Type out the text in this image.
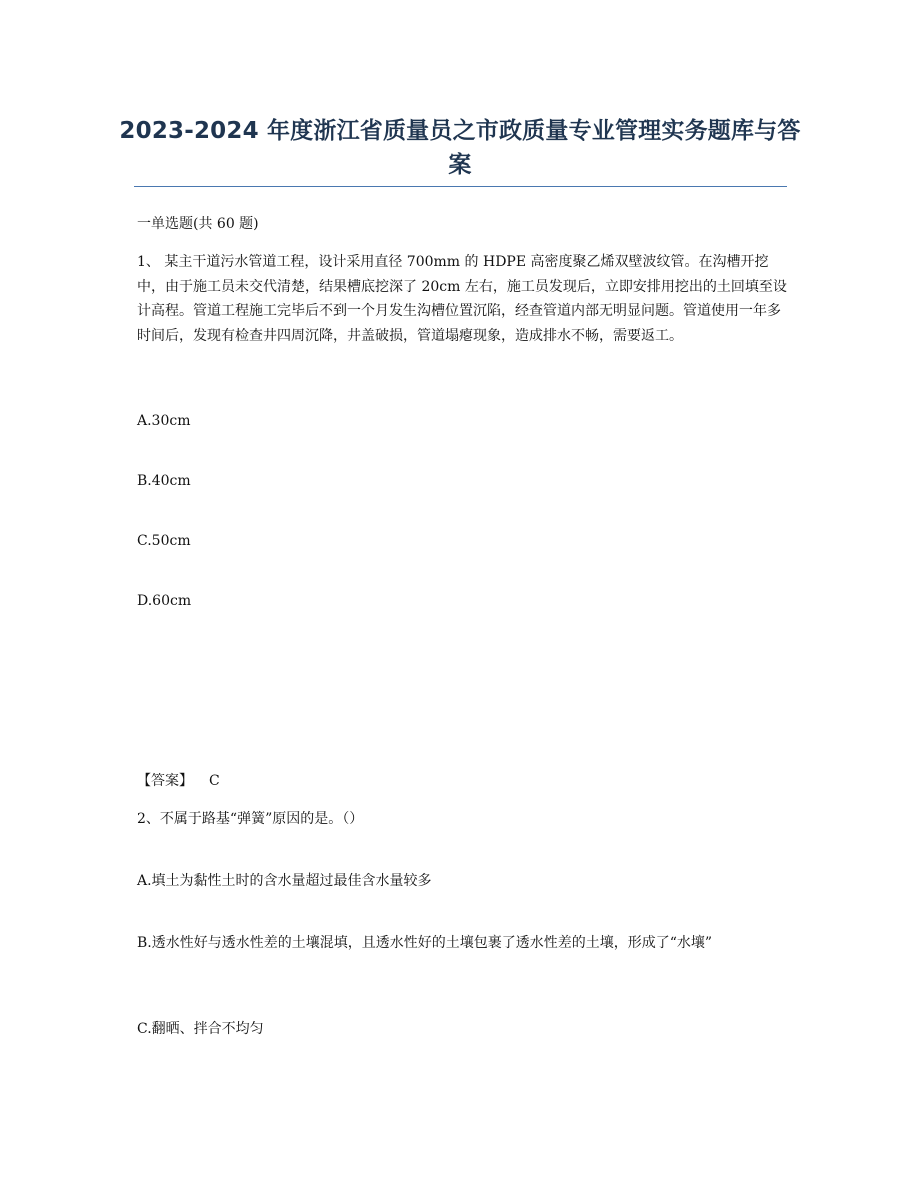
2023-2024 年度浙江省质量员之市政质量专业管理实务题库与答案
一单选题(共 60 题)
1、 某主干道污水管道工程，设计采用直径 700mm 的 HDPE 高密度聚乙烯双壁波纹管。在沟槽开挖中，由于施工员未交代清楚，结果槽底挖深了 20cm 左右，施工员发现后，立即安排用挖出的土回填至设计高程。管道工程施工完毕后不到一个月发生沟槽位置沉陷，经查管道内部无明显问题。管道使用一年多时间后，发现有检查井四周沉降，井盖破损，管道塌瘪现象，造成排水不畅，需要返工。
A.30cm
B.40cm
C.50cm
D.60cm
【答案】 C
2、不属于路基“弹簧”原因的是。（）
A.填土为黏性土时的含水量超过最佳含水量较多
B.透水性好与透水性差的土壤混填，且透水性好的土壤包裹了透水性差的土壤，形成了“水壤”
C.翻晒、拌合不均匀
